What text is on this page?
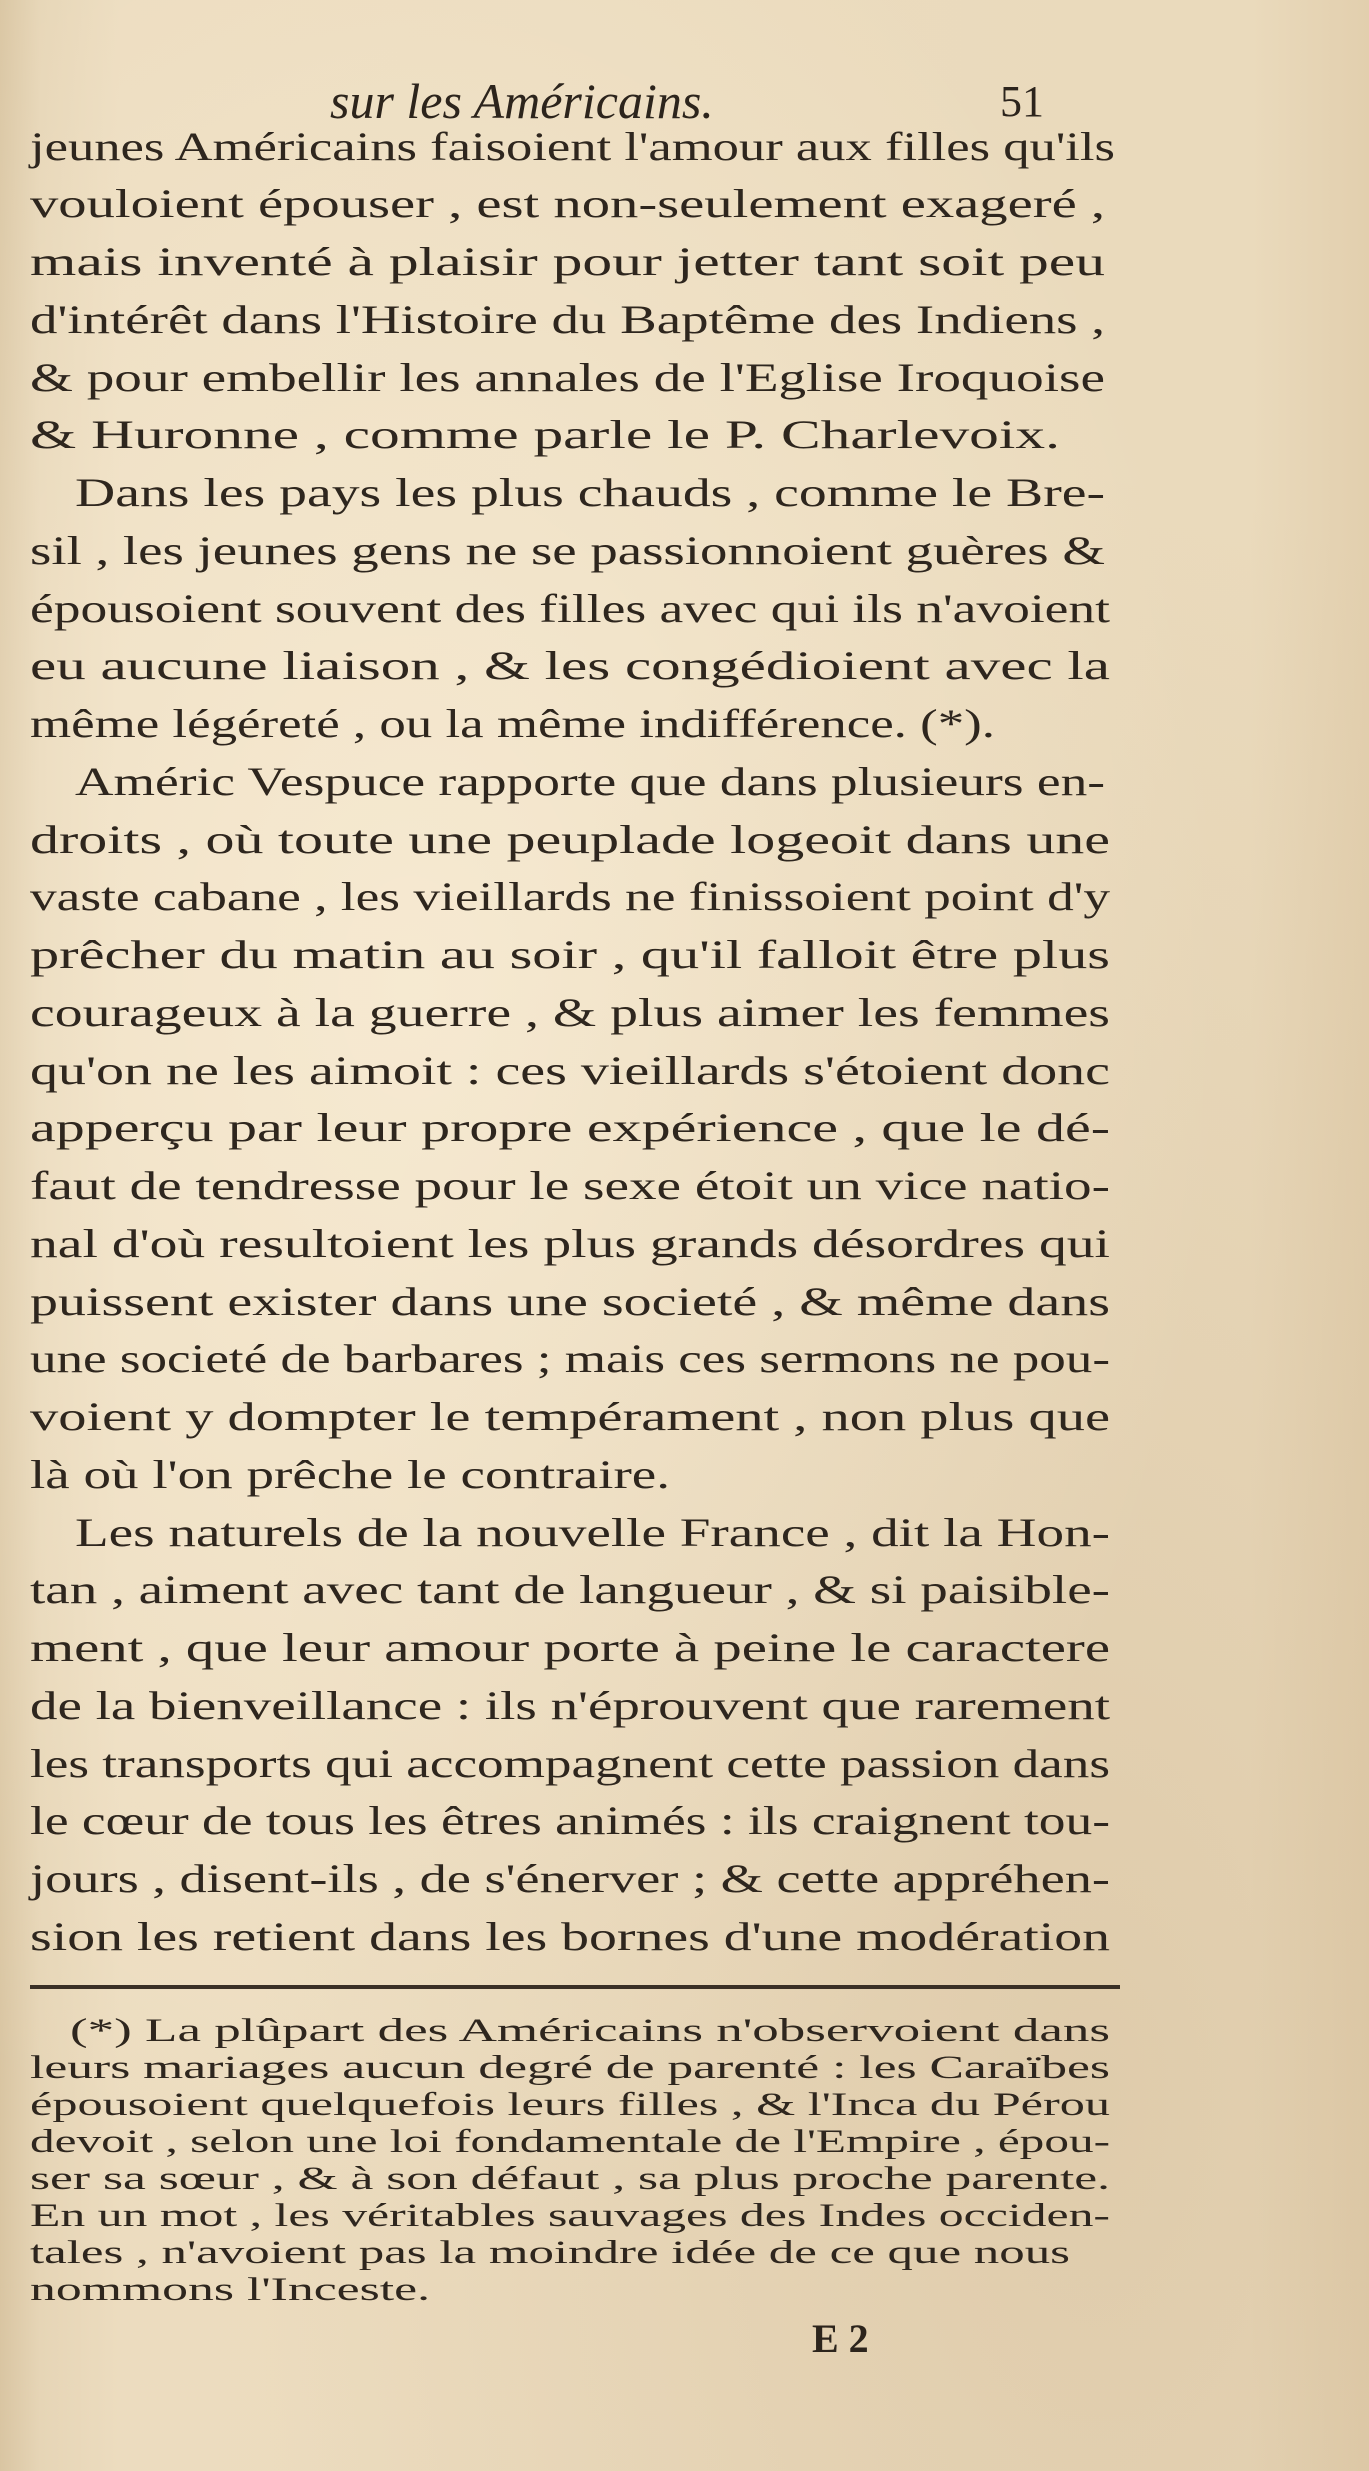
sur les Américains.	51
jeunes Américains faisoient l'amour aux filles qu'ils
vouloient épouser , est non-seulement exageré ,
mais inventé à plaisir pour jetter tant soit peu
d'intérêt dans l'Histoire du Baptême des Indiens ,
& pour embellir les annales de l'Eglise Iroquoise
& Huronne , comme parle le P. Charlevoix.
Dans les pays les plus chauds , comme le Bre-
sil , les jeunes gens ne se passionnoient guères &
épousoient souvent des filles avec qui ils n'avoient
eu aucune liaison , & les congédioient avec la
même légéreté , ou la même indifférence. (*).
Améric Vespuce rapporte que dans plusieurs en-
droits , où toute une peuplade logeoit dans une
vaste cabane , les vieillards ne finissoient point d'y
prêcher du matin au soir , qu'il falloit être plus
courageux à la guerre , & plus aimer les femmes
qu'on ne les aimoit : ces vieillards s'étoient donc
apperçu par leur propre expérience , que le dé-
faut de tendresse pour le sexe étoit un vice natio-
nal d'où resultoient les plus grands désordres qui
puissent exister dans une societé , & même dans
une societé de barbares ; mais ces sermons ne pou-
voient y dompter le tempérament , non plus que
là où l'on prêche le contraire.
Les naturels de la nouvelle France , dit la Hon-
tan , aiment avec tant de langueur , & si paisible-
ment , que leur amour porte à peine le caractere
de la bienveillance : ils n'éprouvent que rarement
les transports qui accompagnent cette passion dans
le cœur de tous les êtres animés : ils craignent tou-
jours , disent-ils , de s'énerver ; & cette appréhen-
sion les retient dans les bornes d'une modération
(*) La plûpart des Américains n'observoient dans
leurs mariages aucun degré de parenté : les Caraïbes
épousoient quelquefois leurs filles , & l'Inca du Pérou
devoit , selon une loi fondamentale de l'Empire , épou-
ser sa sœur , & à son défaut , sa plus proche parente.
En un mot , les véritables sauvages des Indes occiden-
tales , n'avoient pas la moindre idée de ce que nous
nommons l'Inceste.
E 2
